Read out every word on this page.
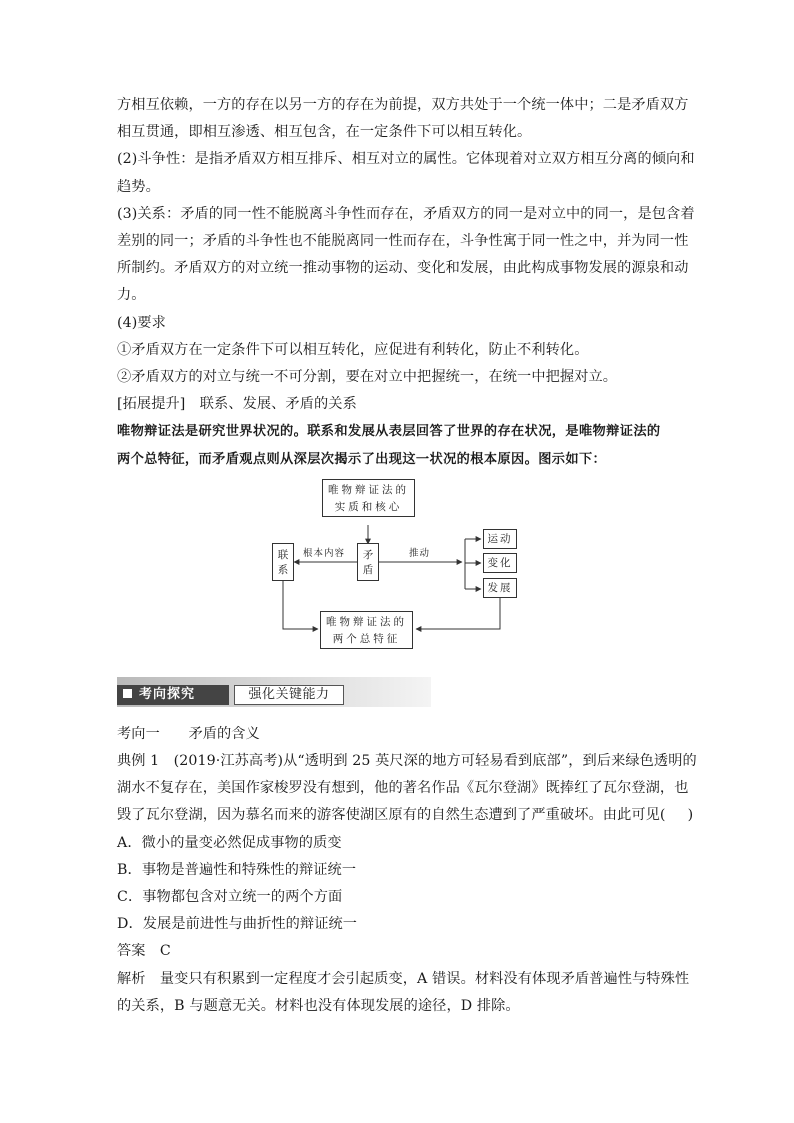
方相互依赖，一方的存在以另一方的存在为前提，双方共处于一个统一体中；二是矛盾双方
相互贯通，即相互渗透、相互包含，在一定条件下可以相互转化。
(2)斗争性：是指矛盾双方相互排斥、相互对立的属性。它体现着对立双方相互分离的倾向和
趋势。
(3)关系：矛盾的同一性不能脱离斗争性而存在，矛盾双方的同一是对立中的同一，是包含着
差别的同一；矛盾的斗争性也不能脱离同一性而存在，斗争性寓于同一性之中，并为同一性
所制约。矛盾双方的对立统一推动事物的运动、变化和发展，由此构成事物发展的源泉和动
力。
(4)要求
①矛盾双方在一定条件下可以相互转化，应促进有利转化，防止不利转化。
②矛盾双方的对立与统一不可分割，要在对立中把握统一，在统一中把握对立。
[拓展提升]　联系、发展、矛盾的关系
唯物辩证法是研究世界状况的。联系和发展从表层回答了世界的存在状况，是唯物辩证法的
两个总特征，而矛盾观点则从深层次揭示了出现这一状况的根本原因。图示如下：
唯物辩证法的
实质和核心
联
系
矛
盾
根本内容	推动
运动
变化
发展
唯物辩证法的
两个总特征
考向探究	强化关键能力
考向一　　矛盾的含义
典例 1　(2019·江苏高考)从“透明到 25 英尺深的地方可轻易看到底部”，到后来绿色透明的
湖水不复存在，美国作家梭罗没有想到，他的著名作品《瓦尔登湖》既捧红了瓦尔登湖，也
毁了瓦尔登湖，因为慕名而来的游客使湖区原有的自然生态遭到了严重破坏。由此可见( )
A．微小的量变必然促成事物的质变
B．事物是普遍性和特殊性的辩证统一
C．事物都包含对立统一的两个方面
D．发展是前进性与曲折性的辩证统一
答案　C
解析　量变只有积累到一定程度才会引起质变，A 错误。材料没有体现矛盾普遍性与特殊性
的关系，B 与题意无关。材料也没有体现发展的途径，D 排除。
